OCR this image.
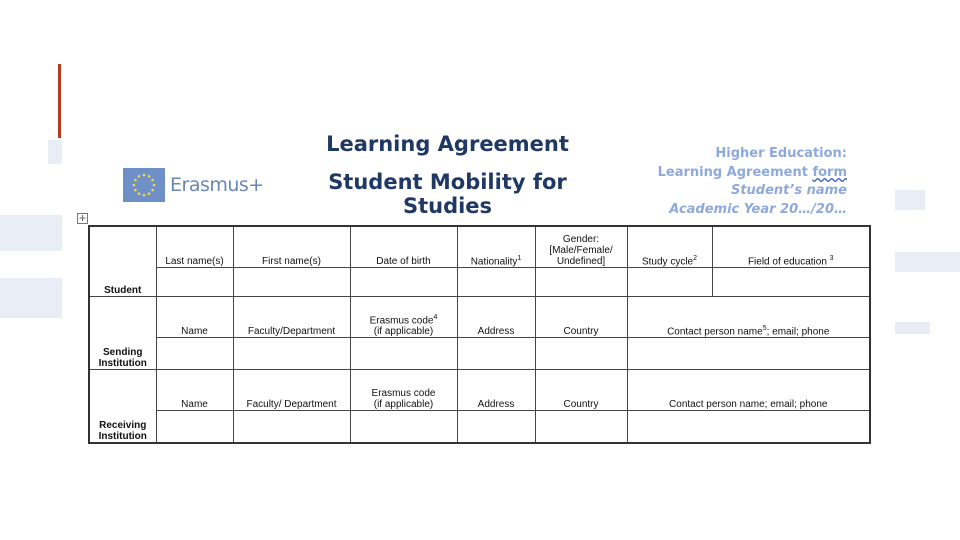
Erasmus+
Learning Agreement
Student Mobility for Studies
Higher Education:
Learning Agreement form
Student’s name
Academic Year 20…/20…
✛
Student	Last name(s)	First name(s)	Date of birth	Nationality$^1$	Gender:
[Male/Female/
Undefined]	Study cycle$^2$	Field of education $^3$

Sending
Institution	Name	Faculty/Department	Erasmus code$^4$
(if applicable)	Address	Country	Contact person name$^5$; email; phone	

Receiving
Institution	Name	Faculty/ Department	Erasmus code
(if applicable)	Address	Country	Contact person name; email; phone	
